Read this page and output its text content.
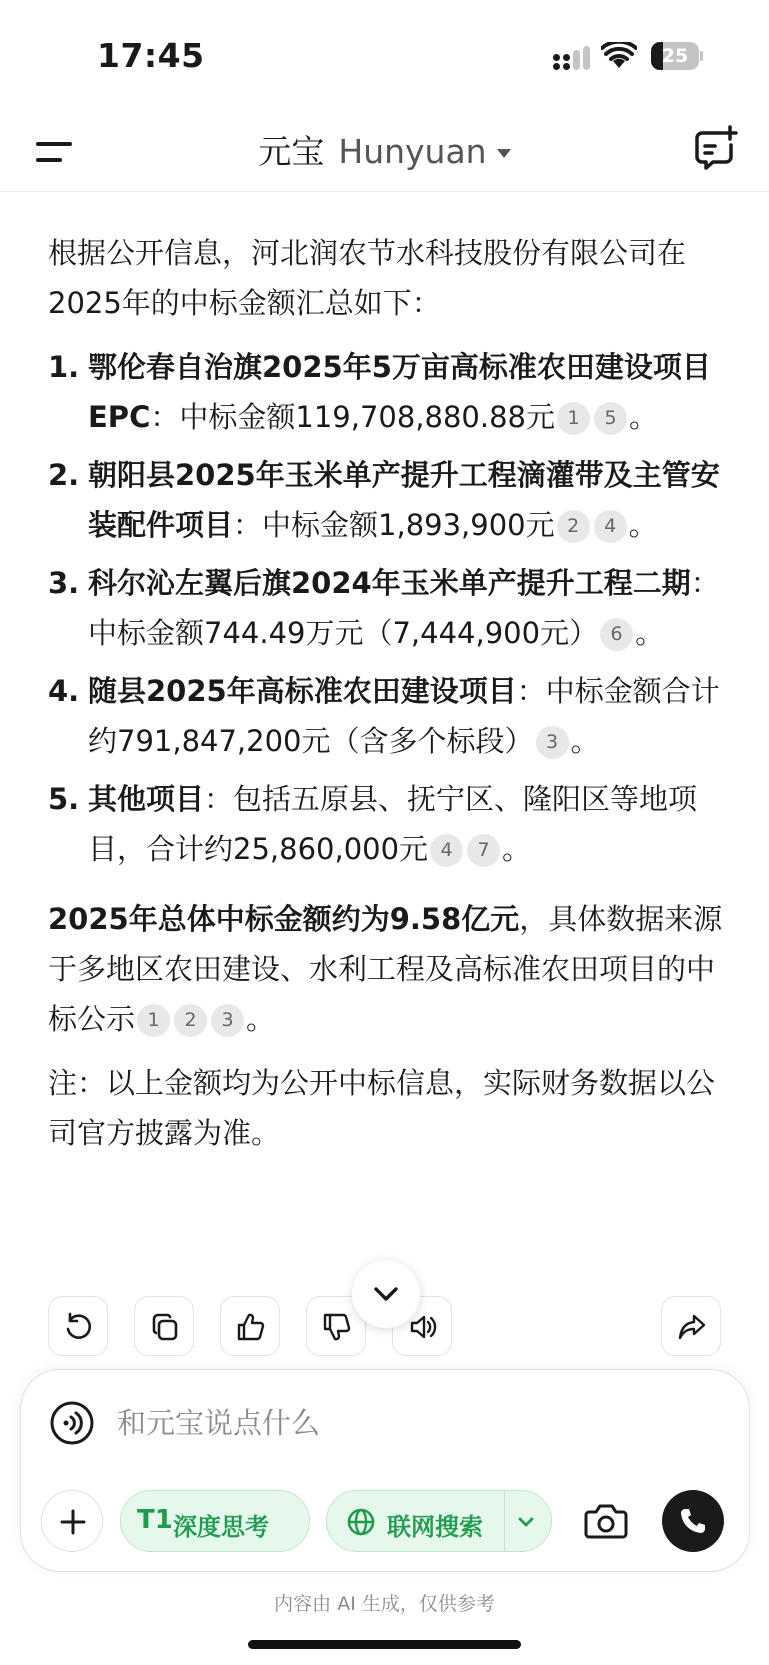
17:45	25
元宝 Hunyuan

根据公开信息，河北润农节水科技股份有限公司在2025年的中标金额汇总如下：

1. 鄂伦春自治旗2025年5万亩高标准农田建设项目EPC：中标金额119,708,880.88元 1 5 。
2. 朝阳县2025年玉米单产提升工程滴灌带及主管安装配件项目：中标金额1,893,900元 2 4 。
3. 科尔沁左翼后旗2024年玉米单产提升工程二期：中标金额744.49万元（7,444,900元） 6 。
4. 随县2025年高标准农田建设项目：中标金额合计约791,847,200元（含多个标段） 3 。
5. 其他项目：包括五原县、抚宁区、隆阳区等地项目，合计约25,860,000元 4 7 。

2025年总体中标金额约为9.58亿元，具体数据来源于多地区农田建设、水利工程及高标准农田项目的中标公示 1 2 3 。

注：以上金额均为公开中标信息，实际财务数据以公司官方披露为准。

和元宝说点什么
T1 深度思考	联网搜索
内容由 AI 生成，仅供参考
